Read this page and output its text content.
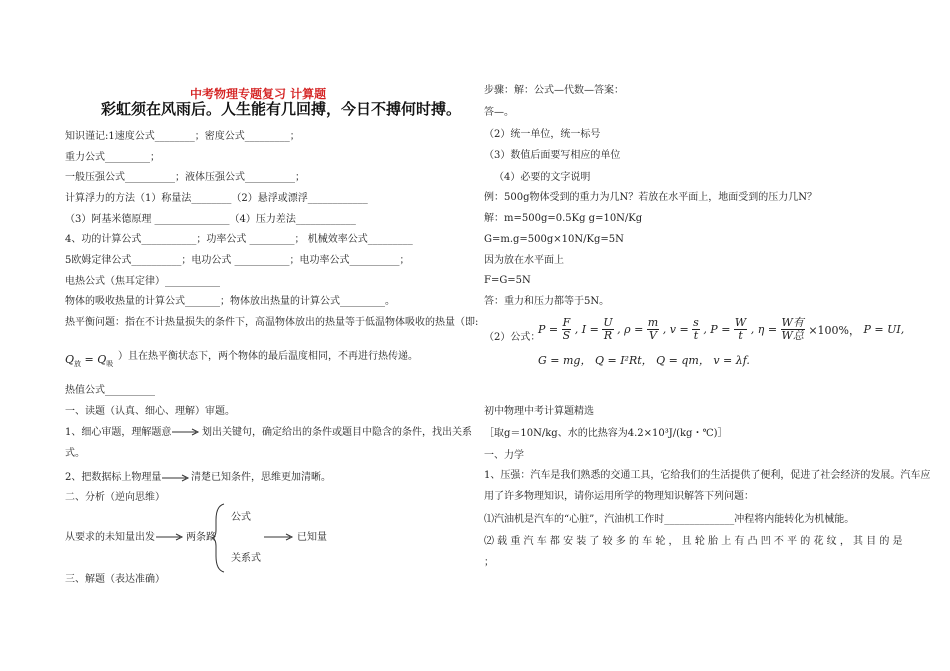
中考物理专题复习 计算题
彩虹须在风雨后。人生能有几回搏，今日不搏何时搏。
知识谨记:1速度公式________；密度公式_________；
重力公式_________；
一般压强公式__________；液体压强公式__________；
计算浮力的方法（1）称量法________（2）悬浮或漂浮____________
（3）阿基米德原理 _______________（4）压力差法____________
4、功的计算公式___________；功率公式 _________； 机械效率公式_________
5欧姆定律公式__________；电功公式 ___________；电功率公式__________；
电热公式（焦耳定律）___________
物体的吸收热量的计算公式_______；物体放出热量的计算公式_________。
热平衡问题：指在不计热量损失的条件下，高温物体放出的热量等于低温物体吸收的热量（即:
$Q_放 = Q_吸$
）且在热平衡状态下，两个物体的最后温度相同，不再进行热传递。
热值公式__________
一、读题（认真、细心、理解）审题。
1、细心审题，理解题意	划出关键句，确定给出的条件或题目中隐含的条件，找出关系
式。
2、把数据标上物理量	清楚已知条件，思维更加清晰。
二、分析（逆向思维）
从要求的未知量出发	两条路
公式
关系式
已知量
三、解题（表达准确）
步骤：解：公式—代数—答案：
答—。
（2）统一单位，统一标号
（3）数值后面要写相应的单位
（4）必要的文字说明
例：500g物体受到的重力为几N？若放在水平面上，地面受到的压力几N？
解：m=500g=0.5Kg g=10N/Kg
G=m.g=500g×10N/Kg=5N
因为放在水平面上
F=G=5N
答：重力和压力都等于5N。
（2）公式：
$P = \frac{F}{S}$ , $I = \frac{U}{R}$ , $\rho = \frac{m}{V}$ , $v = \frac{s}{t}$ , $P = \frac{W}{t}$ , η =
W有
W总 ×100%， P = UI,
G = mg， Q = I²Rt， Q = qm， v = λf.
初中物理中考计算题精选
［取g＝10N/kg、水的比热容为4.2×10³J/(kg・℃)］
一、力学
1、压强：汽车是我们熟悉的交通工具，它给我们的生活提供了便利，促进了社会经济的发展。汽车应
用了许多物理知识，请你运用所学的物理知识解答下列问题：
⑴汽油机是汽车的“心脏”，汽油机工作时______________冲程将内能转化为机械能。
⑵ 载 重 汽 车 都 安 装 了 较 多 的 车 轮 ， 且 轮 胎 上 有 凸 凹 不 平 的 花 纹 ， 其 目 的 是
；
